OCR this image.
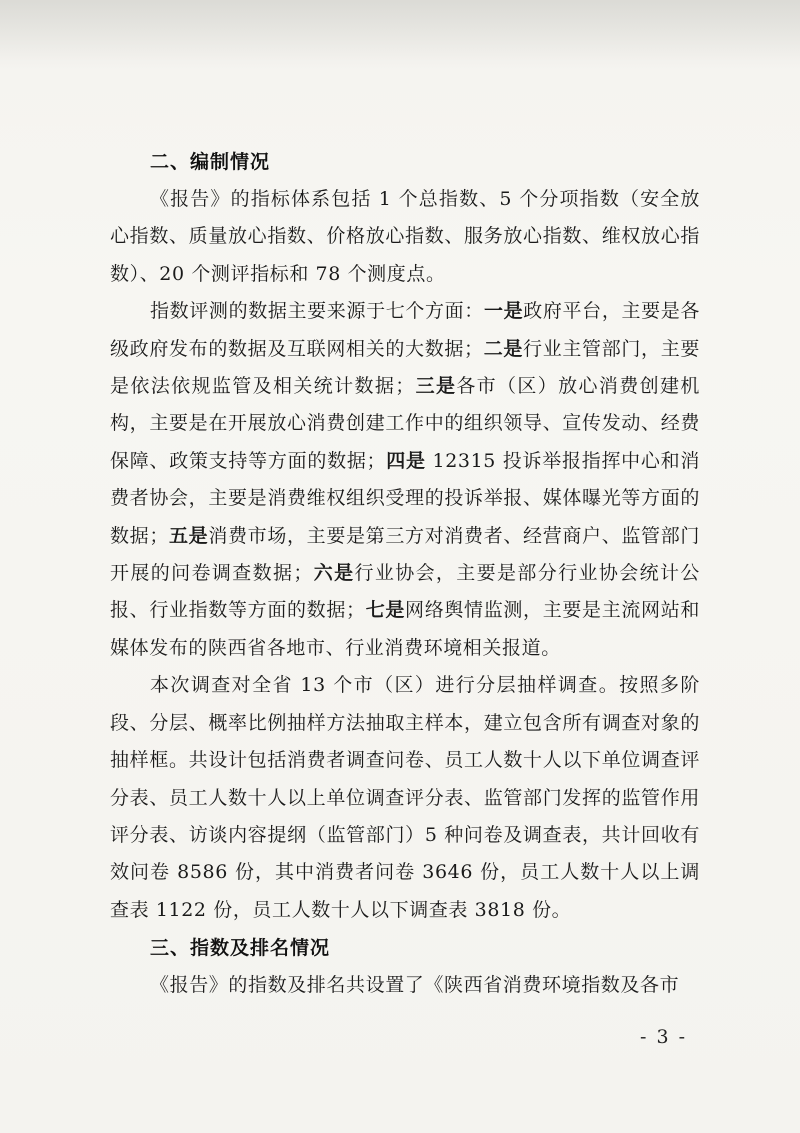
二、编制情况

《报告》的指标体系包括 1 个总指数、5 个分项指数（安全放心指数、质量放心指数、价格放心指数、服务放心指数、维权放心指数）、20 个测评指标和 78 个测度点。

指数评测的数据主要来源于七个方面：一是政府平台，主要是各级政府发布的数据及互联网相关的大数据；二是行业主管部门，主要是依法依规监管及相关统计数据；三是各市（区）放心消费创建机构，主要是在开展放心消费创建工作中的组织领导、宣传发动、经费保障、政策支持等方面的数据；四是 12315 投诉举报指挥中心和消费者协会，主要是消费维权组织受理的投诉举报、媒体曝光等方面的数据；五是消费市场，主要是第三方对消费者、经营商户、监管部门开展的问卷调查数据；六是行业协会，主要是部分行业协会统计公报、行业指数等方面的数据；七是网络舆情监测，主要是主流网站和媒体发布的陕西省各地市、行业消费环境相关报道。

本次调查对全省 13 个市（区）进行分层抽样调查。按照多阶段、分层、概率比例抽样方法抽取主样本，建立包含所有调查对象的抽样框。共设计包括消费者调查问卷、员工人数十人以下单位调查评分表、员工人数十人以上单位调查评分表、监管部门发挥的监管作用评分表、访谈内容提纲（监管部门）5 种问卷及调查表，共计回收有效问卷 8586 份，其中消费者问卷 3646 份，员工人数十人以上调查表 1122 份，员工人数十人以下调查表 3818 份。

三、指数及排名情况

《报告》的指数及排名共设置了《陕西省消费环境指数及各市

- 3 -
